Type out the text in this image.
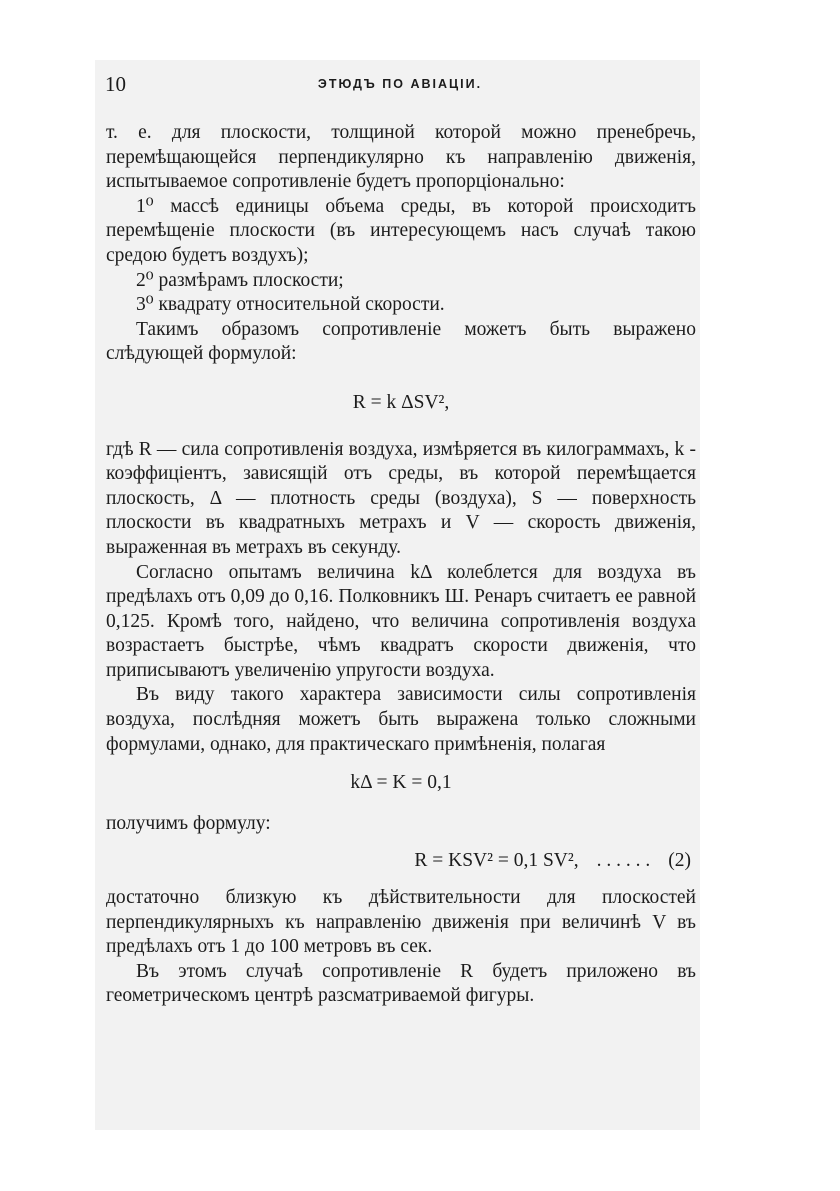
10	ЭТЮДЪ ПО АВІАЦІИ.

т. е. для плоскости, толщиной которой можно пренебречь, перемѣщающейся перпендикулярно къ направленію движенія, испытываемое сопротивленіе будетъ пропорціонально:

1⁰ массѣ единицы объема среды, въ которой происходитъ перемѣщеніе плоскости (въ интересующемъ насъ случаѣ такою средою будетъ воздухъ);

2⁰ размѣрамъ плоскости;

3⁰ квадрату относительной скорости.

Такимъ образомъ сопротивленіе можетъ быть выражено слѣдующей формулой:

R = k ΔSV²,

гдѣ R — сила сопротивленія воздуха, измѣряется въ килограммахъ, k - коэффиціентъ, зависящій отъ среды, въ которой перемѣщается плоскость, Δ — плотность среды (воздуха), S — поверхность плоскости въ квадратныхъ метрахъ и V — скорость движенія, выраженная въ метрахъ въ секунду.

Согласно опытамъ величина kΔ колеблется для воздуха въ предѣлахъ отъ 0,09 до 0,16. Полковникъ Ш. Ренаръ считаетъ ее равной 0,125. Кромѣ того, найдено, что величина сопротивленія воздуха возрастаетъ быстрѣе, чѣмъ квадратъ скорости движенія, что приписываютъ увеличенію упругости воздуха.

Въ виду такого характера зависимости силы сопротивленія воздуха, послѣдняя можетъ быть выражена только сложными формулами, однако, для практическаго примѣненія, полагая

kΔ = K = 0,1

получимъ формулу:

R = KSV² = 0,1 SV², . . . . . . (2)

достаточно близкую къ дѣйствительности для плоскостей перпендикулярныхъ къ направленію движенія при величинѣ V въ предѣлахъ отъ 1 до 100 метровъ въ сек.

Въ этомъ случаѣ сопротивленіе R будетъ приложено въ геометрическомъ центрѣ разсматриваемой фигуры.
